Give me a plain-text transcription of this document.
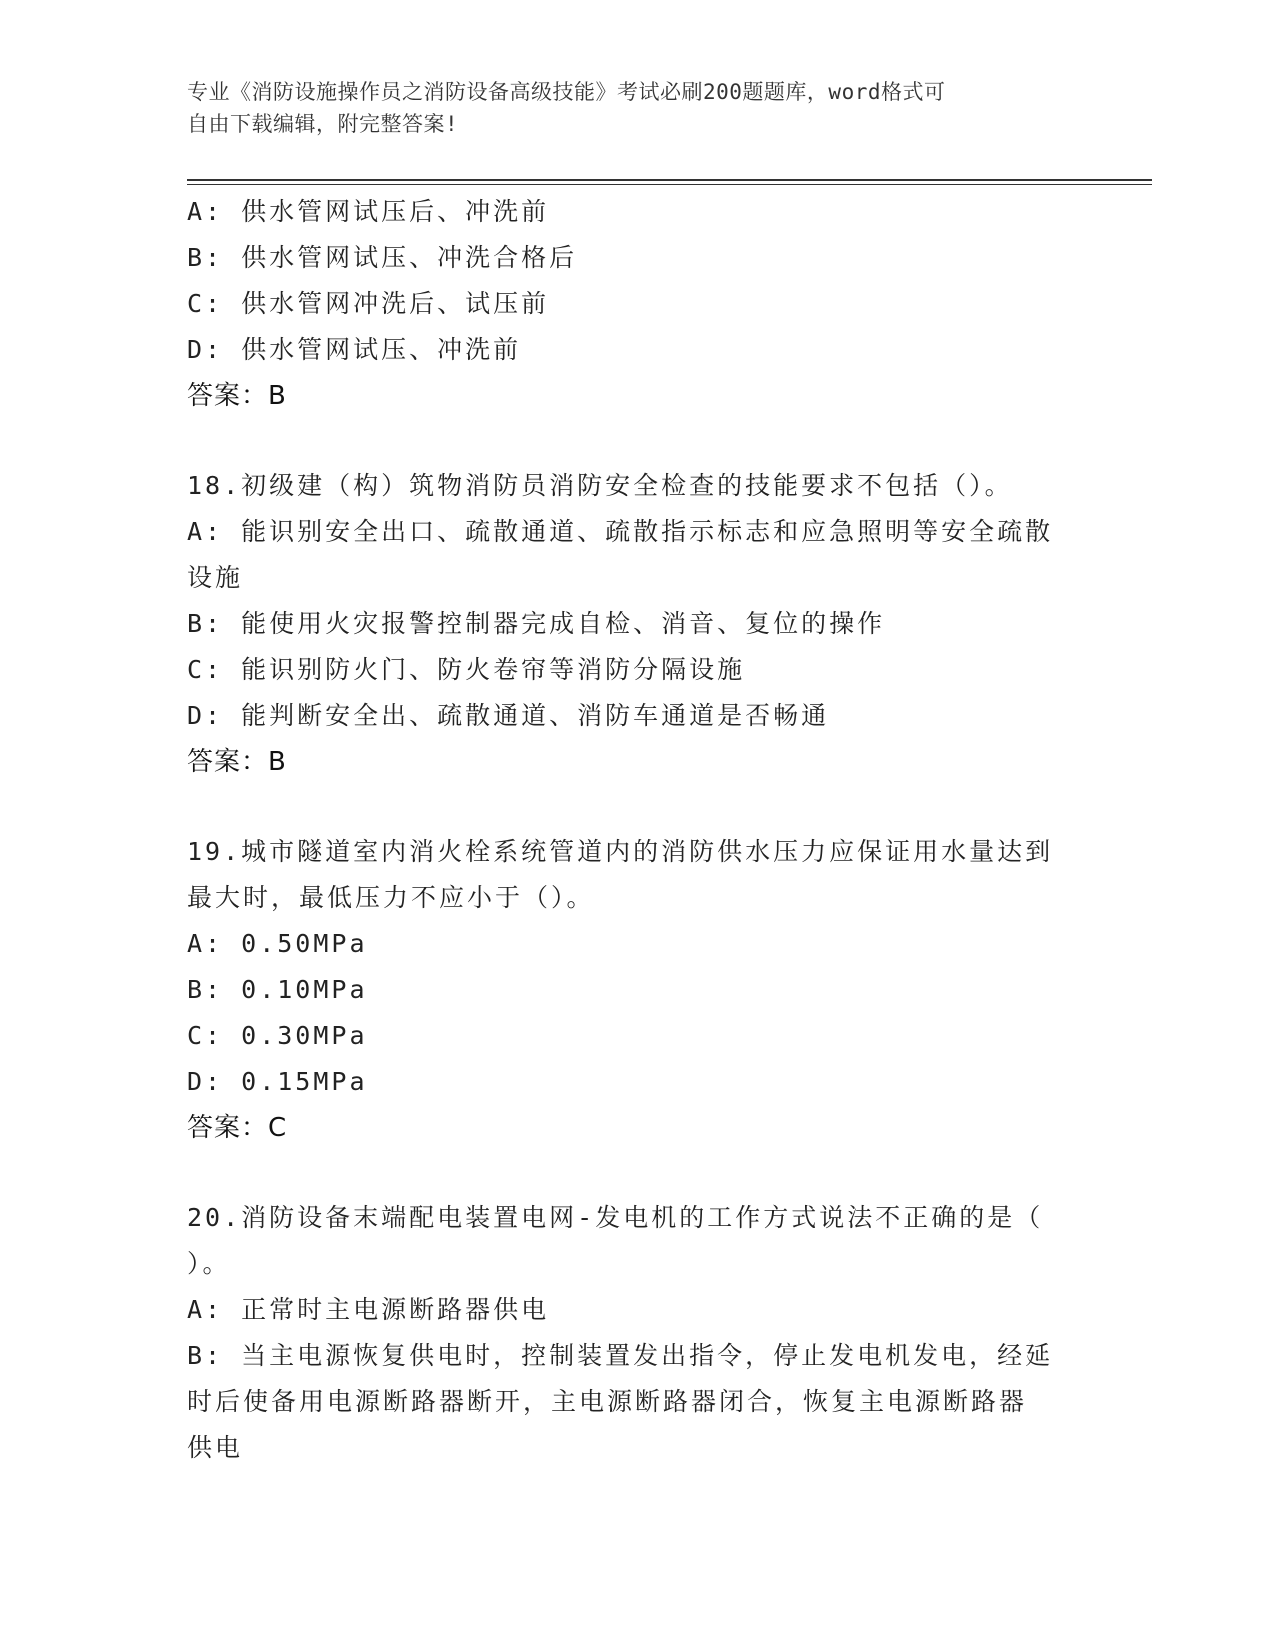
专业《消防设施操作员之消防设备高级技能》考试必刷200题题库，word格式可
自由下载编辑，附完整答案!
A: 供水管网试压后、冲洗前
B: 供水管网试压、冲洗合格后
C: 供水管网冲洗后、试压前
D: 供水管网试压、冲洗前
答案：B
18.初级建（构）筑物消防员消防安全检查的技能要求不包括（）。
A: 能识别安全出口、疏散通道、疏散指示标志和应急照明等安全疏散
设施
B: 能使用火灾报警控制器完成自检、消音、复位的操作
C: 能识别防火门、防火卷帘等消防分隔设施
D: 能判断安全出、疏散通道、消防车通道是否畅通
答案：B
19.城市隧道室内消火栓系统管道内的消防供水压力应保证用水量达到
最大时，最低压力不应小于（）。
A: 0.50MPa
B: 0.10MPa
C: 0.30MPa
D: 0.15MPa
答案：C
20.消防设备末端配电装置电网-发电机的工作方式说法不正确的是（
）。
A: 正常时主电源断路器供电
B: 当主电源恢复供电时，控制装置发出指令，停止发电机发电，经延
时后使备用电源断路器断开，主电源断路器闭合，恢复主电源断路器
供电
